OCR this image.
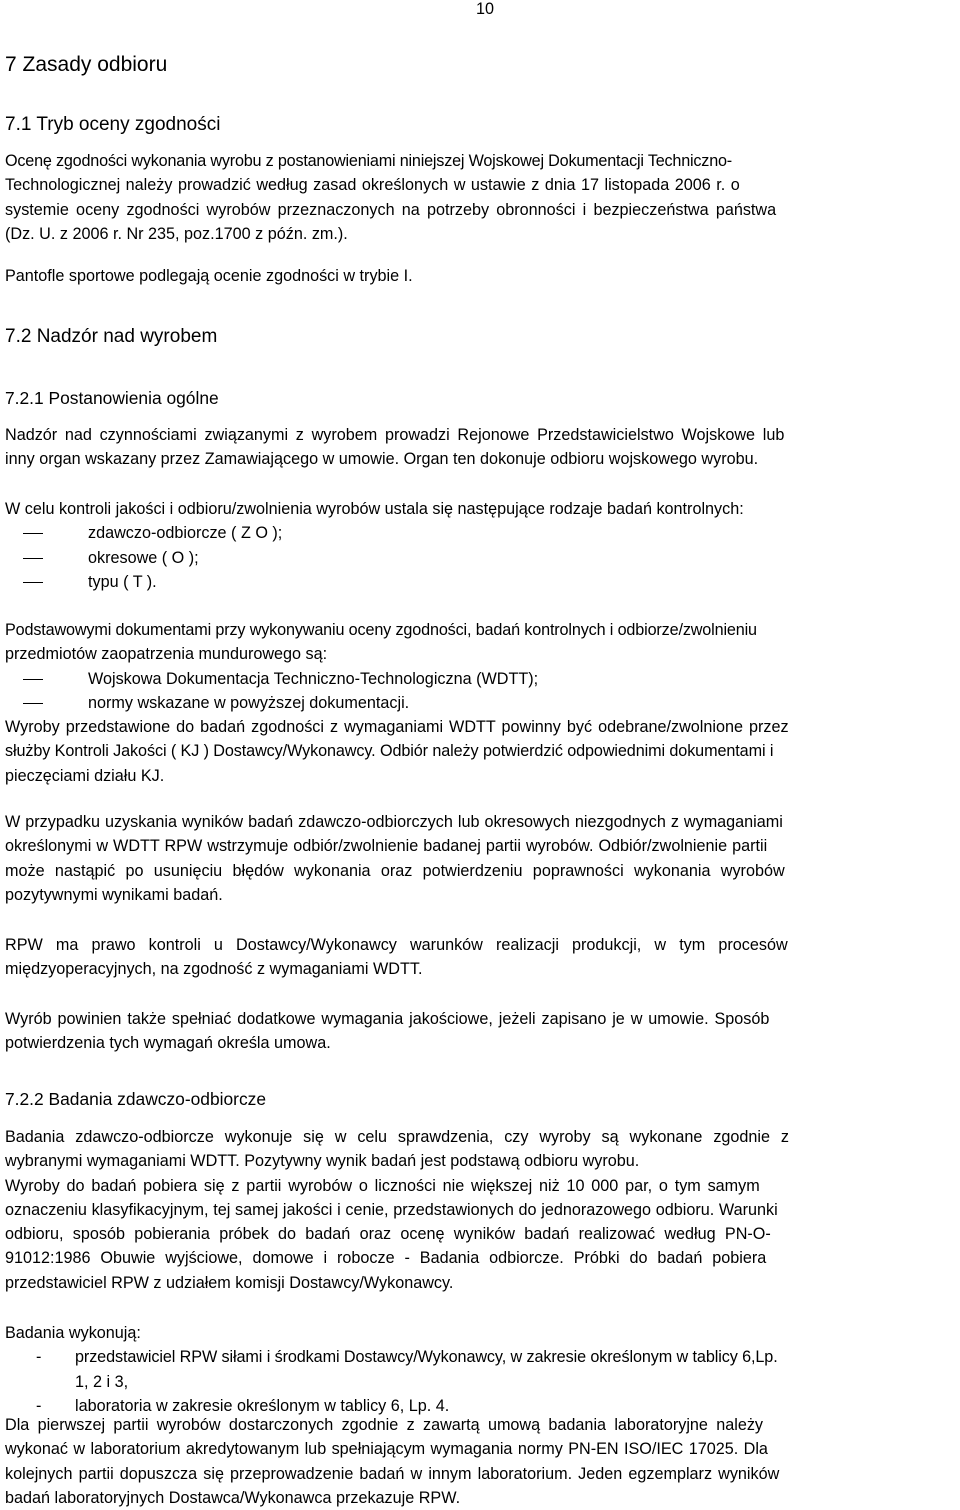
10
7 Zasady odbioru
7.1 Tryb oceny zgodności
Ocenę zgodności wykonania wyrobu z postanowieniami niniejszej Wojskowej Dokumentacji Techniczno-
Technologicznej należy prowadzić według zasad określonych w ustawie z dnia 17 listopada 2006 r. o
systemie oceny zgodności wyrobów przeznaczonych na potrzeby obronności i bezpieczeństwa państwa
(Dz. U. z 2006 r. Nr 235, poz.1700 z późn. zm.).
Pantofle sportowe podlegają ocenie zgodności w trybie I.
7.2 Nadzór nad wyrobem
7.2.1 Postanowienia ogólne
Nadzór nad czynnościami związanymi z wyrobem prowadzi Rejonowe Przedstawicielstwo Wojskowe lub
inny organ wskazany przez Zamawiającego w umowie. Organ ten dokonuje odbioru wojskowego wyrobu.
W celu kontroli jakości i odbioru/zwolnienia wyrobów ustala się następujące rodzaje badań kontrolnych:
zdawczo-odbiorcze ( Z O );
okresowe ( O );
typu ( T ).
Podstawowymi dokumentami przy wykonywaniu oceny zgodności, badań kontrolnych i odbiorze/zwolnieniu
przedmiotów zaopatrzenia mundurowego są:
Wojskowa Dokumentacja Techniczno-Technologiczna (WDTT);
normy wskazane w powyższej dokumentacji.
Wyroby przedstawione do badań zgodności z wymaganiami WDTT powinny być odebrane/zwolnione przez
służby Kontroli Jakości ( KJ ) Dostawcy/Wykonawcy. Odbiór należy potwierdzić odpowiednimi dokumentami i
pieczęciami działu KJ.
W przypadku uzyskania wyników badań zdawczo-odbiorczych lub okresowych niezgodnych z wymaganiami
określonymi w WDTT RPW wstrzymuje odbiór/zwolnienie badanej partii wyrobów. Odbiór/zwolnienie partii
może nastąpić po usunięciu błędów wykonania oraz potwierdzeniu poprawności wykonania wyrobów
pozytywnymi wynikami badań.
RPW ma prawo kontroli u Dostawcy/Wykonawcy warunków realizacji produkcji, w tym procesów
międzyoperacyjnych, na zgodność z wymaganiami WDTT.
Wyrób powinien także spełniać dodatkowe wymagania jakościowe, jeżeli zapisano je w umowie. Sposób
potwierdzenia tych wymagań określa umowa.
7.2.2 Badania zdawczo-odbiorcze
Badania zdawczo-odbiorcze wykonuje się w celu sprawdzenia, czy wyroby są wykonane zgodnie z
wybranymi wymaganiami WDTT. Pozytywny wynik badań jest podstawą odbioru wyrobu.
Wyroby do badań pobiera się z partii wyrobów o liczności nie większej niż 10 000 par, o tym samym
oznaczeniu klasyfikacyjnym, tej samej jakości i cenie, przedstawionych do jednorazowego odbioru. Warunki
odbioru, sposób pobierania próbek do badań oraz ocenę wyników badań realizować według PN-O-
91012:1986 Obuwie wyjściowe, domowe i robocze - Badania odbiorcze. Próbki do badań pobiera
przedstawiciel RPW z udziałem komisji Dostawcy/Wykonawcy.
Badania wykonują:
- przedstawiciel RPW siłami i środkami Dostawcy/Wykonawcy, w zakresie określonym w tablicy 6,Lp.
1, 2 i 3,
- laboratoria w zakresie określonym w tablicy 6, Lp. 4.
Dla pierwszej partii wyrobów dostarczonych zgodnie z zawartą umową badania laboratoryjne należy
wykonać w laboratorium akredytowanym lub spełniającym wymagania normy PN-EN ISO/IEC 17025. Dla
kolejnych partii dopuszcza się przeprowadzenie badań w innym laboratorium. Jeden egzemplarz wyników
badań laboratoryjnych Dostawca/Wykonawca przekazuje RPW.
